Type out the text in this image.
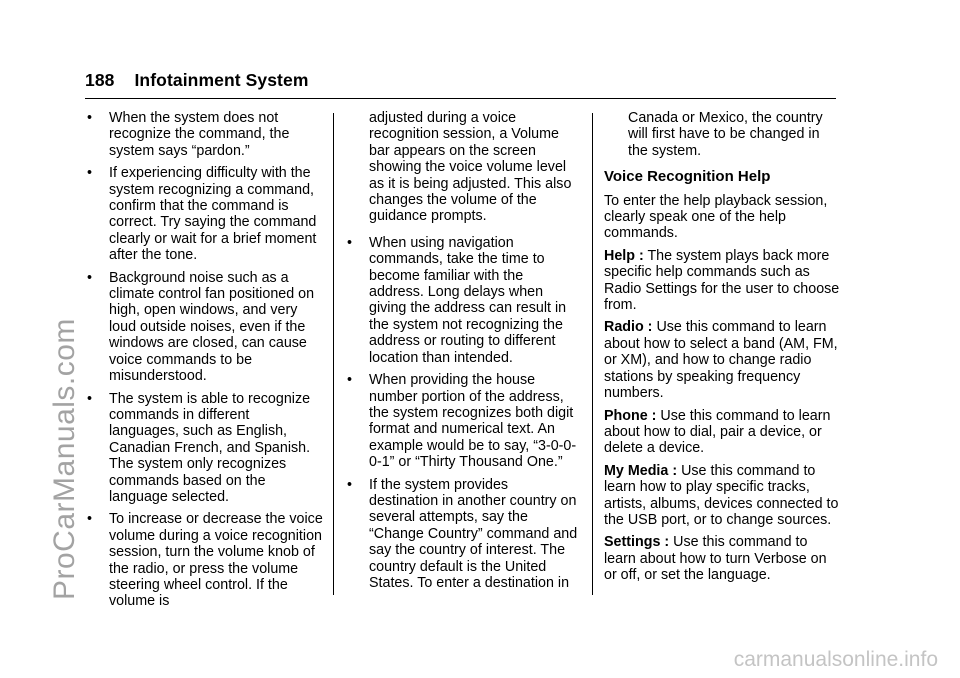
188 Infotainment System
• When the system does not recognize the command, the system says “pardon.”
• If experiencing difficulty with the system recognizing a command, confirm that the command is correct. Try saying the command clearly or wait for a brief moment after the tone.
• Background noise such as a climate control fan positioned on high, open windows, and very loud outside noises, even if the windows are closed, can cause voice commands to be misunderstood.
• The system is able to recognize commands in different languages, such as English, Canadian French, and Spanish. The system only recognizes commands based on the language selected.
• To increase or decrease the voice volume during a voice recognition session, turn the volume knob of the radio, or press the volume steering wheel control. If the volume is
adjusted during a voice recognition session, a Volume bar appears on the screen showing the voice volume level as it is being adjusted. This also changes the volume of the guidance prompts.
• When using navigation commands, take the time to become familiar with the address. Long delays when giving the address can result in the system not recognizing the address or routing to different location than intended.
• When providing the house number portion of the address, the system recognizes both digit format and numerical text. An example would be to say, “3-0-0-0-1” or “Thirty Thousand One.”
• If the system provides destination in another country on several attempts, say the “Change Country” command and say the country of interest. The country default is the United States. To enter a destination in
Canada or Mexico, the country will first have to be changed in the system.
Voice Recognition Help
To enter the help playback session, clearly speak one of the help commands.
Help : The system plays back more specific help commands such as Radio Settings for the user to choose from.
Radio : Use this command to learn about how to select a band (AM, FM, or XM), and how to change radio stations by speaking frequency numbers.
Phone : Use this command to learn about how to dial, pair a device, or delete a device.
My Media : Use this command to learn how to play specific tracks, artists, albums, devices connected to the USB port, or to change sources.
Settings : Use this command to learn about how to turn Verbose on or off, or set the language.
ProCarManuals.com
carmanualsonline.info
